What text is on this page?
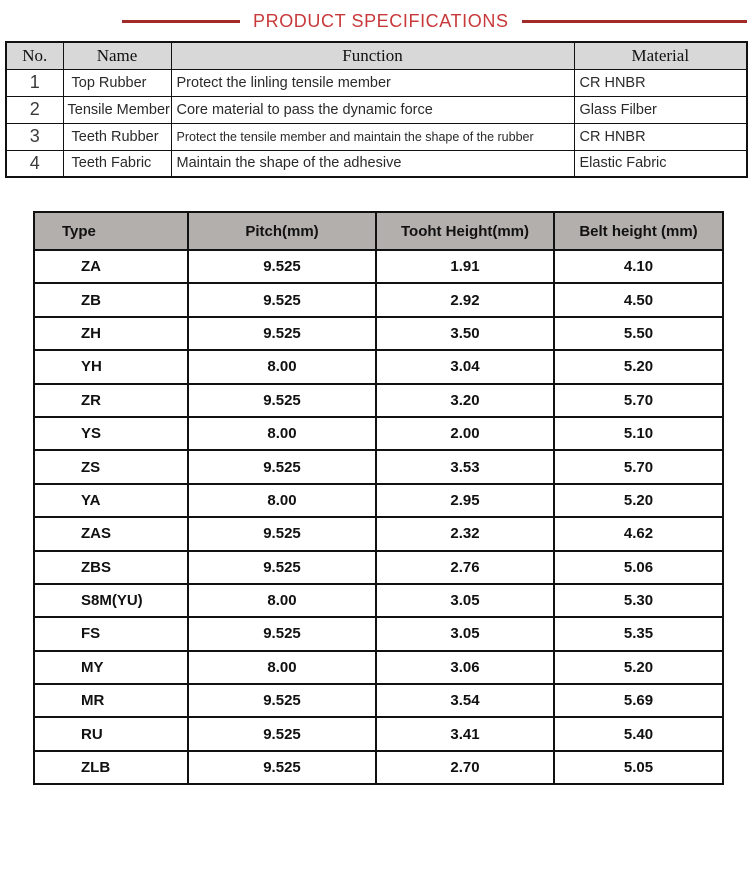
PRODUCT SPECIFICATIONS
No.	Name	Function	Material
1	Top Rubber	Protect the linling tensile member	CR HNBR
2	Tensile Member	Core material to pass the dynamic force	Glass Filber
3	Teeth Rubber	Protect the tensile member and maintain the shape of the rubber	CR HNBR
4	Teeth Fabric	Maintain the shape of the adhesive	Elastic Fabric
Type	Pitch(mm)	Tooht Height(mm)	Belt height (mm)
ZA	9.525	1.91	4.10
ZB	9.525	2.92	4.50
ZH	9.525	3.50	5.50
YH	8.00	3.04	5.20
ZR	9.525	3.20	5.70
YS	8.00	2.00	5.10
ZS	9.525	3.53	5.70
YA	8.00	2.95	5.20
ZAS	9.525	2.32	4.62
ZBS	9.525	2.76	5.06
S8M(YU)	8.00	3.05	5.30
FS	9.525	3.05	5.35
MY	8.00	3.06	5.20
MR	9.525	3.54	5.69
RU	9.525	3.41	5.40
ZLB	9.525	2.70	5.05
